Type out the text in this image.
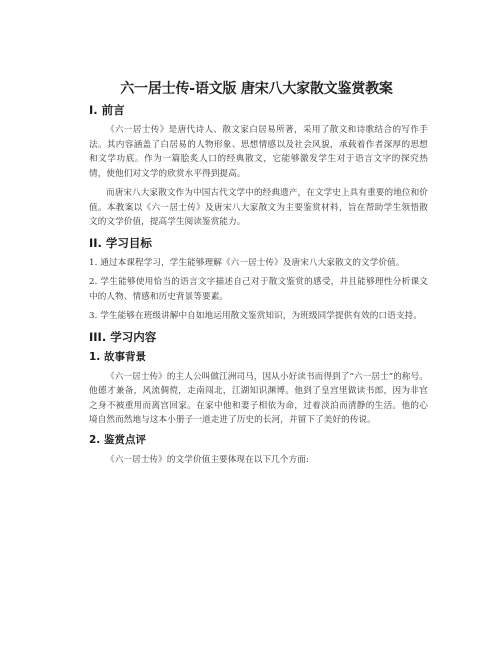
六一居士传-语文版 唐宋八大家散文鉴赏教案
I. 前言

《六一居士传》是唐代诗人、散文家白居易所著，采用了散文和诗歌结合的写作手法。其内容涵盖了白居易的人物形象、思想情感以及社会风貌，承载着作者深厚的思想和文学功底。作为一篇脍炙人口的经典散文，它能够激发学生对于语言文字的探究热情，使他们对文学的欣赏水平得到提高。

而唐宋八大家散文作为中国古代文学中的经典遗产，在文学史上具有重要的地位和价值。本教案以《六一居士传》及唐宋八大家散文为主要鉴赏材料，旨在帮助学生领悟散文的文学价值，提高学生阅读鉴赏能力。

II. 学习目标

1. 通过本课程学习，学生能够理解《六一居士传》及唐宋八大家散文的文学价值。

2. 学生能够使用恰当的语言文字描述自己对于散文鉴赏的感受，并且能够理性分析课文中的人物、情感和历史背景等要素。

3. 学生能够在班级讲解中自如地运用散文鉴赏知识，为班级同学提供有效的口语支持。

III. 学习内容
1. 故事背景

《六一居士传》的主人公叫做江洲司马，因从小好读书而得到了“六一居士”的称号。他德才兼备，风流倜傥，走南闯北，江湖知识渊博。他到了皇宫里做读书郎，因为非官之身不被重用而离宫回家。在家中他和妻子相依为命，过着淡泊而清静的生活。他的心境自然而然地与这本小册子一道走进了历史的长河，并留下了美好的传说。

2. 鉴赏点评

《六一居士传》的文学价值主要体现在以下几个方面:
